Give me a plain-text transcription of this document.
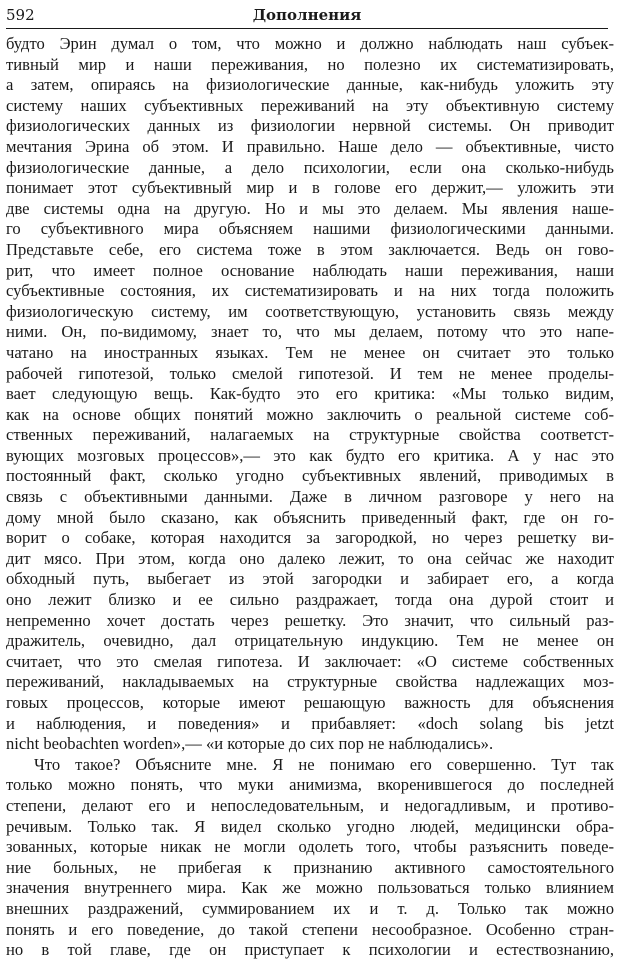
592	Дополнения
будто Эрин думал о том, что можно и должно наблюдать наш субъек-
тивный мир и наши переживания, но полезно их систематизировать,
а затем, опираясь на физиологические данные, как-нибудь уложить эту
систему наших субъективных переживаний на эту объективную систему
физиологических данных из физиологии нервной системы. Он приводит
мечтания Эрина об этом. И правильно. Наше дело — объективные, чисто
физиологические данные, а дело психологии, если она сколько-нибудь
понимает этот субъективный мир и в голове его держит,— уложить эти
две системы одна на другую. Но и мы это делаем. Мы явления наше-
го субъективного мира объясняем нашими физиологическими данными.
Представьте себе, его система тоже в этом заключается. Ведь он гово-
рит, что имеет полное основание наблюдать наши переживания, наши
субъективные состояния, их систематизировать и на них тогда положить
физиологическую систему, им соответствующую, установить связь между
ними. Он, по-видимому, знает то, что мы делаем, потому что это напе-
чатано на иностранных языках. Тем не менее он считает это только
рабочей гипотезой, только смелой гипотезой. И тем не менее проделы-
вает следующую вещь. Как-будто это его критика: «Мы только видим,
как на основе общих понятий можно заключить о реальной системе соб-
ственных переживаний, налагаемых на структурные свойства соответст-
вующих мозговых процессов»,— это как будто его критика. А у нас это
постоянный факт, сколько угодно субъективных явлений, приводимых в
связь с объективными данными. Даже в личном разговоре у него на
дому мной было сказано, как объяснить приведенный факт, где он го-
ворит о собаке, которая находится за загородкой, но через решетку ви-
дит мясо. При этом, когда оно далеко лежит, то она сейчас же находит
обходный путь, выбегает из этой загородки и забирает его, а когда
оно лежит близко и ее сильно раздражает, тогда она дурой стоит и
непременно хочет достать через решетку. Это значит, что сильный раз-
дражитель, очевидно, дал отрицательную индукцию. Тем не менее он
считает, что это смелая гипотеза. И заключает: «О системе собственных
переживаний, накладываемых на структурные свойства надлежащих моз-
говых процессов, которые имеют решающую важность для объяснения
и наблюдения, и поведения» и прибавляет: «doch solang bis jetzt
nicht beobachten worden»,— «и которые до сих пор не наблюдались».
Что такое? Объясните мне. Я не понимаю его совершенно. Тут так
только можно понять, что муки анимизма, вкоренившегося до последней
степени, делают его и непоследовательным, и недогадливым, и противо-
речивым. Только так. Я видел сколько угодно людей, медицински обра-
зованных, которые никак не могли одолеть того, чтобы разъяснить поведе-
ние больных, не прибегая к признанию активного самостоятельного
значения внутреннего мира. Как же можно пользоваться только влиянием
внешних раздражений, суммированием их и т. д. Только так можно
понять и его поведение, до такой степени несообразное. Особенно стран-
но в той главе, где он приступает к психологии и естествознанию,
